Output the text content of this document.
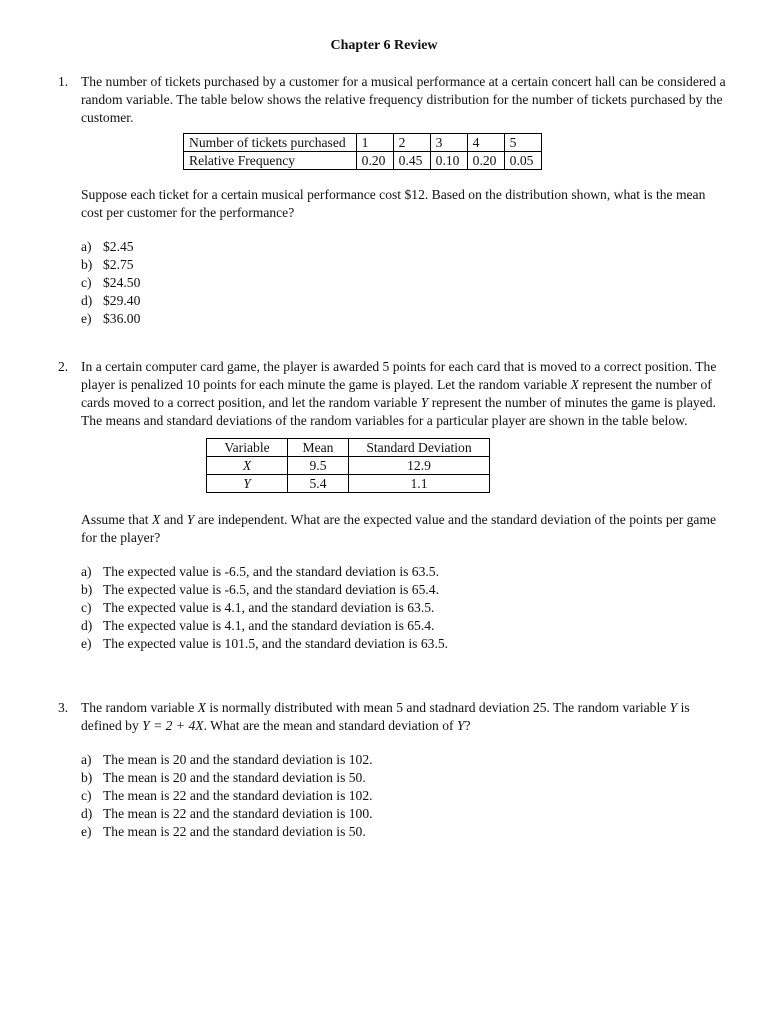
Chapter 6 Review
1. The number of tickets purchased by a customer for a musical performance at a certain concert hall can be considered a random variable. The table below shows the relative frequency distribution for the number of tickets purchased by the customer.

Number of tickets purchased	1	2	3	4	5
Relative Frequency	0.20	0.45	0.10	0.20	0.05

Suppose each ticket for a certain musical performance cost $12. Based on the distribution shown, what is the mean cost per customer for the performance?

a) $2.45
b) $2.75
c) $24.50
d) $29.40
e) $36.00
2. In a certain computer card game, the player is awarded 5 points for each card that is moved to a correct position. The player is penalized 10 points for each minute the game is played. Let the random variable X represent the number of cards moved to a correct position, and let the random variable Y represent the number of minutes the game is played. The means and standard deviations of the random variables for a particular player are shown in the table below.

Variable	Mean	Standard Deviation
X	9.5	12.9
Y	5.4	1.1

Assume that X and Y are independent. What are the expected value and the standard deviation of the points per game for the player?

a) The expected value is -6.5, and the standard deviation is 63.5.
b) The expected value is -6.5, and the standard deviation is 65.4.
c) The expected value is 4.1, and the standard deviation is 63.5.
d) The expected value is 4.1, and the standard deviation is 65.4.
e) The expected value is 101.5, and the standard deviation is 63.5.
3. The random variable X is normally distributed with mean 5 and stadnard deviation 25. The random variable Y is defined by Y = 2 + 4X. What are the mean and standard deviation of Y?

a) The mean is 20 and the standard deviation is 102.
b) The mean is 20 and the standard deviation is 50.
c) The mean is 22 and the standard deviation is 102.
d) The mean is 22 and the standard deviation is 100.
e) The mean is 22 and the standard deviation is 50.
